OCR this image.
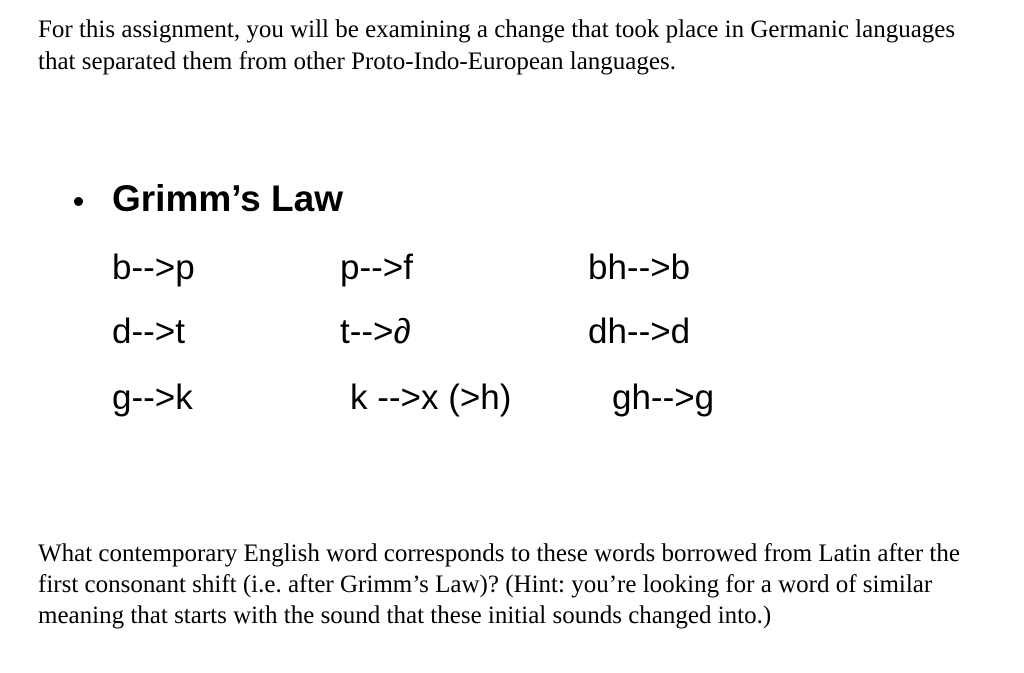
For this assignment, you will be examining a change that took place in Germanic languages that separated them from other Proto-Indo-European languages.
Grimm’s Law
b-->p	p-->f	bh-->b
d-->t	t-->∂	dh-->d
g-->k	k -->x (>h)	gh-->g
What contemporary English word corresponds to these words borrowed from Latin after the first consonant shift (i.e. after Grimm’s Law)? (Hint: you’re looking for a word of similar meaning that starts with the sound that these initial sounds changed into.)
